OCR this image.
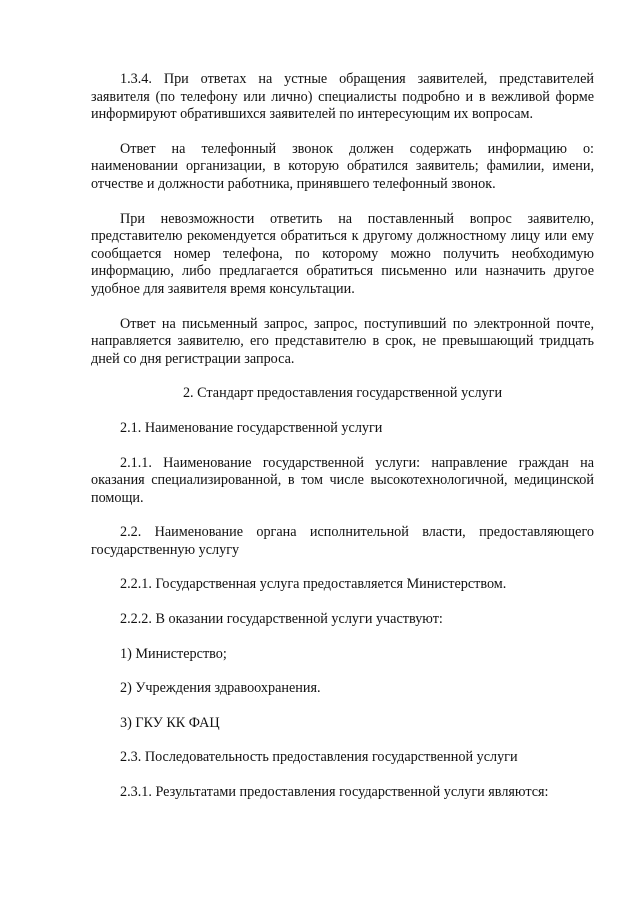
1.3.4. При ответах на устные обращения заявителей, представителей заявителя (по телефону или лично) специалисты подробно и в вежливой форме информируют обратившихся заявителей по интересующим их вопросам.

Ответ на телефонный звонок должен содержать информацию о: наименовании организации, в которую обратился заявитель; фамилии, имени, отчестве и должности работника, принявшего телефонный звонок.

При невозможности ответить на поставленный вопрос заявителю, представителю рекомендуется обратиться к другому должностному лицу или ему сообщается номер телефона, по которому можно получить необходимую информацию, либо предлагается обратиться письменно или назначить другое удобное для заявителя время консультации.

Ответ на письменный запрос, запрос, поступивший по электронной почте, направляется заявителю, его представителю в срок, не превышающий тридцать дней со дня регистрации запроса.

2. Стандарт предоставления государственной услуги

2.1. Наименование государственной услуги

2.1.1. Наименование государственной услуги: направление граждан на оказания специализированной, в том числе высокотехнологичной, медицинской помощи.

2.2. Наименование органа исполнительной власти, предоставляющего государственную услугу

2.2.1. Государственная услуга предоставляется Министерством.

2.2.2. В оказании государственной услуги участвуют:

1) Министерство;

2) Учреждения здравоохранения.

3) ГКУ КК ФАЦ

2.3. Последовательность предоставления государственной услуги

2.3.1. Результатами предоставления государственной услуги являются:
